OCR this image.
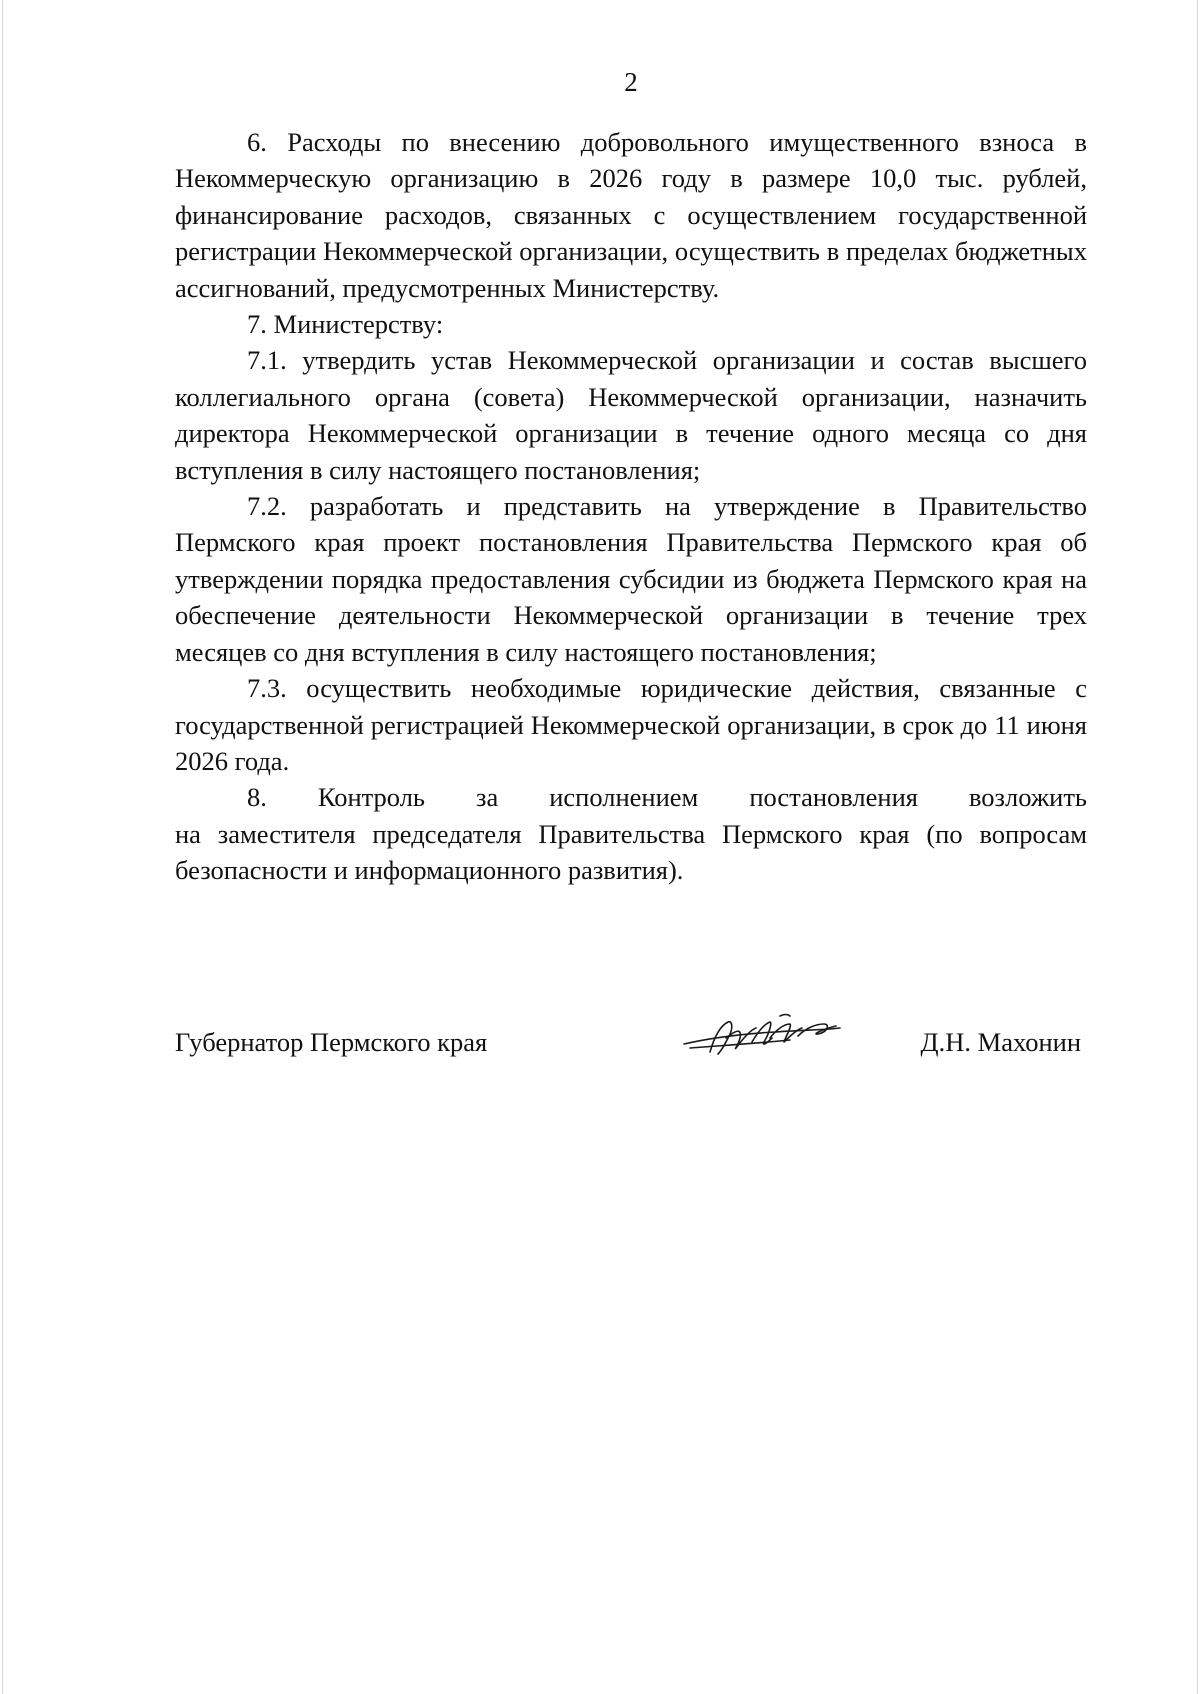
2

6. Расходы по внесению добровольного имущественного взноса в Некоммерческую организацию в 2026 году в размере 10,0 тыс. рублей, финансирование расходов, связанных с осуществлением государственной регистрации Некоммерческой организации, осуществить в пределах бюджетных ассигнований, предусмотренных Министерству.

7. Министерству:

7.1. утвердить устав Некоммерческой организации и состав высшего коллегиального органа (совета) Некоммерческой организации, назначить директора Некоммерческой организации в течение одного месяца со дня вступления в силу настоящего постановления;

7.2. разработать и представить на утверждение в Правительство Пермского края проект постановления Правительства Пермского края об утверждении порядка предоставления субсидии из бюджета Пермского края на обеспечение деятельности Некоммерческой организации в течение трех месяцев со дня вступления в силу настоящего постановления;

7.3. осуществить необходимые юридические действия, связанные с государственной регистрацией Некоммерческой организации, в срок до 11 июня 2026 года.

8. Контроль за исполнением постановления возложить

на заместителя председателя Правительства Пермского края (по вопросам безопасности и информационного развития).

Губернатор Пермского края	Д.Н. Махонин
